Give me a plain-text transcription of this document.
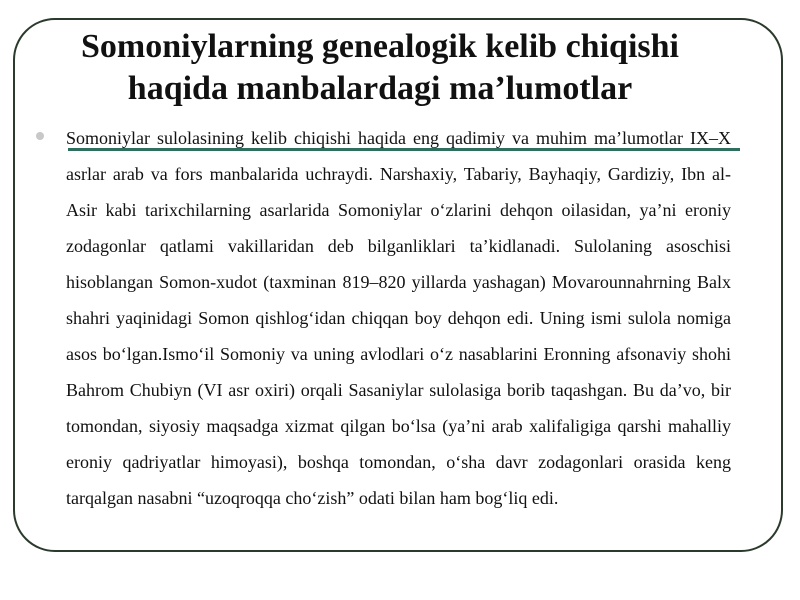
Somoniylarning genealogik kelib chiqishi haqida manbalardagi ma’lumotlar

Somoniylar sulolasining kelib chiqishi haqida eng qadimiy va muhim ma’lumotlar IX–X asrlar arab va fors manbalarida uchraydi. Narshaxiy, Tabariy, Bayhaqiy, Gardiziy, Ibn al-Asir kabi tarixchilarning asarlarida Somoniylar o‘zlarini dehqon oilasidan, ya’ni eroniy zodagonlar qatlami vakillaridan deb bilganliklari ta’kidlanadi. Sulolaning asoschisi hisoblangan Somon-xudot (taxminan 819–820 yillarda yashagan) Movarounnahrning Balx shahri yaqinidagi Somon qishlog‘idan chiqqan boy dehqon edi. Uning ismi sulola nomiga asos bo‘lgan.Ismo‘il Somoniy va uning avlodlari o‘z nasablarini Eronning afsonaviy shohi Bahrom Chubiyn (VI asr oxiri) orqali Sasaniylar sulolasiga borib taqashgan. Bu da’vo, bir tomondan, siyosiy maqsadga xizmat qilgan bo‘lsa (ya’ni arab xalifaligiga qarshi mahalliy eroniy qadriyatlar himoyasi), boshqa tomondan, o‘sha davr zodagonlari orasida keng tarqalgan nasabni “uzoqroqqa cho‘zish” odati bilan ham bog‘liq edi.
